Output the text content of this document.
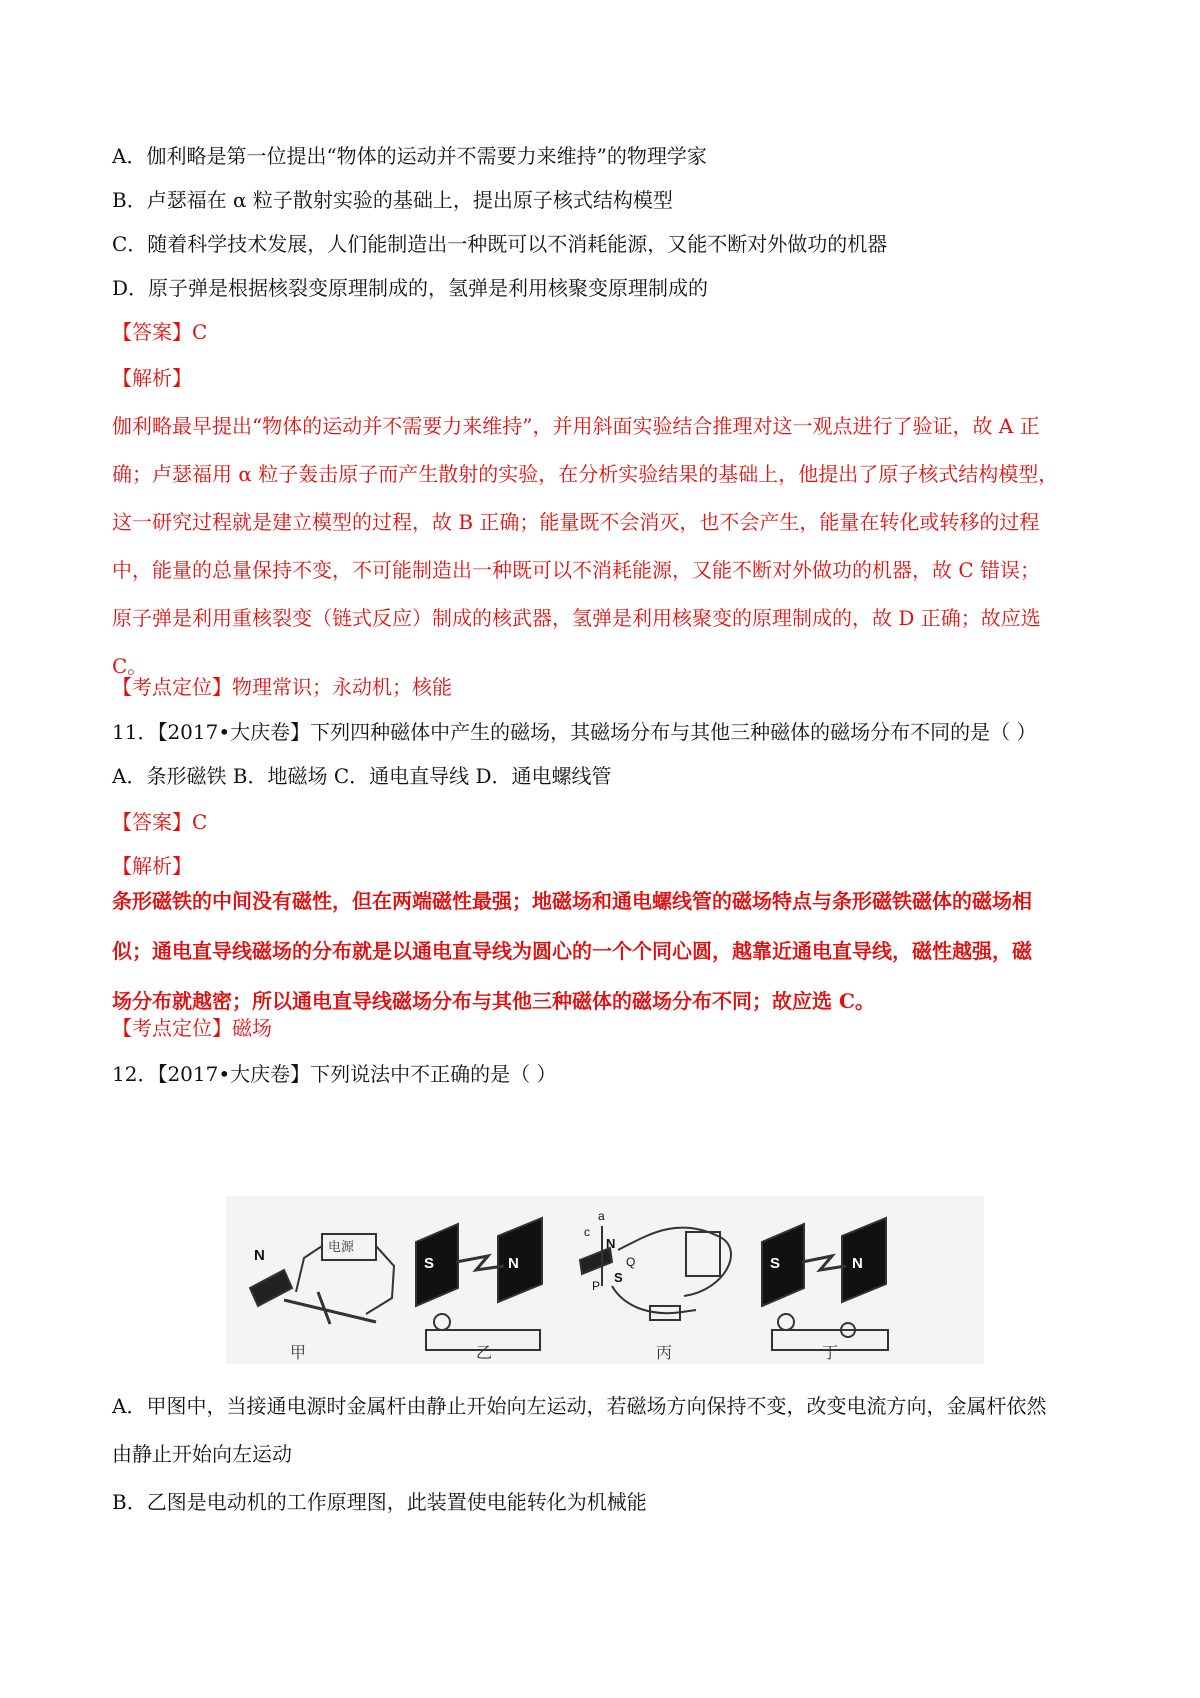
A．伽利略是第一位提出“物体的运动并不需要力来维持”的物理学家
B．卢瑟福在 α 粒子散射实验的基础上，提出原子核式结构模型
C．随着科学技术发展，人们能制造出一种既可以不消耗能源，又能不断对外做功的机器
D．原子弹是根据核裂变原理制成的，氢弹是利用核聚变原理制成的
【答案】C
【解析】
伽利略最早提出“物体的运动并不需要力来维持”，并用斜面实验结合推理对这一观点进行了验证，故 A 正
确；卢瑟福用 α 粒子轰击原子而产生散射的实验，在分析实验结果的基础上，他提出了原子核式结构模型，
这一研究过程就是建立模型的过程，故 B 正确；能量既不会消灭，也不会产生，能量在转化或转移的过程
中，能量的总量保持不变，不可能制造出一种既可以不消耗能源，又能不断对外做功的机器，故 C 错误；
原子弹是利用重核裂变（链式反应）制成的核武器，氢弹是利用核聚变的原理制成的，故 D 正确；故应选
C。
【考点定位】物理常识；永动机；核能
11．【2017•大庆卷】下列四种磁体中产生的磁场，其磁场分布与其他三种磁体的磁场分布不同的是（ ）
A．条形磁铁 B．地磁场 C．通电直导线 D．通电螺线管
【答案】C
【解析】
条形磁铁的中间没有磁性，但在两端磁性最强；地磁场和通电螺线管的磁场特点与条形磁铁磁体的磁场相
似；通电直导线磁场的分布就是以通电直导线为圆心的一个个同心圆，越靠近通电直导线，磁性越强，磁
场分布就越密；所以通电直导线磁场分布与其他三种磁体的磁场分布不同；故应选 C。
【考点定位】磁场
12．【2017•大庆卷】下列说法中不正确的是（ ）
N
电源
S	N
a
N
c
S
P
Q	S	N
甲	乙	丙	丁
A．甲图中，当接通电源时金属杆由静止开始向左运动，若磁场方向保持不变，改变电流方向，金属杆依然
由静止开始向左运动
B．乙图是电动机的工作原理图，此装置使电能转化为机械能
